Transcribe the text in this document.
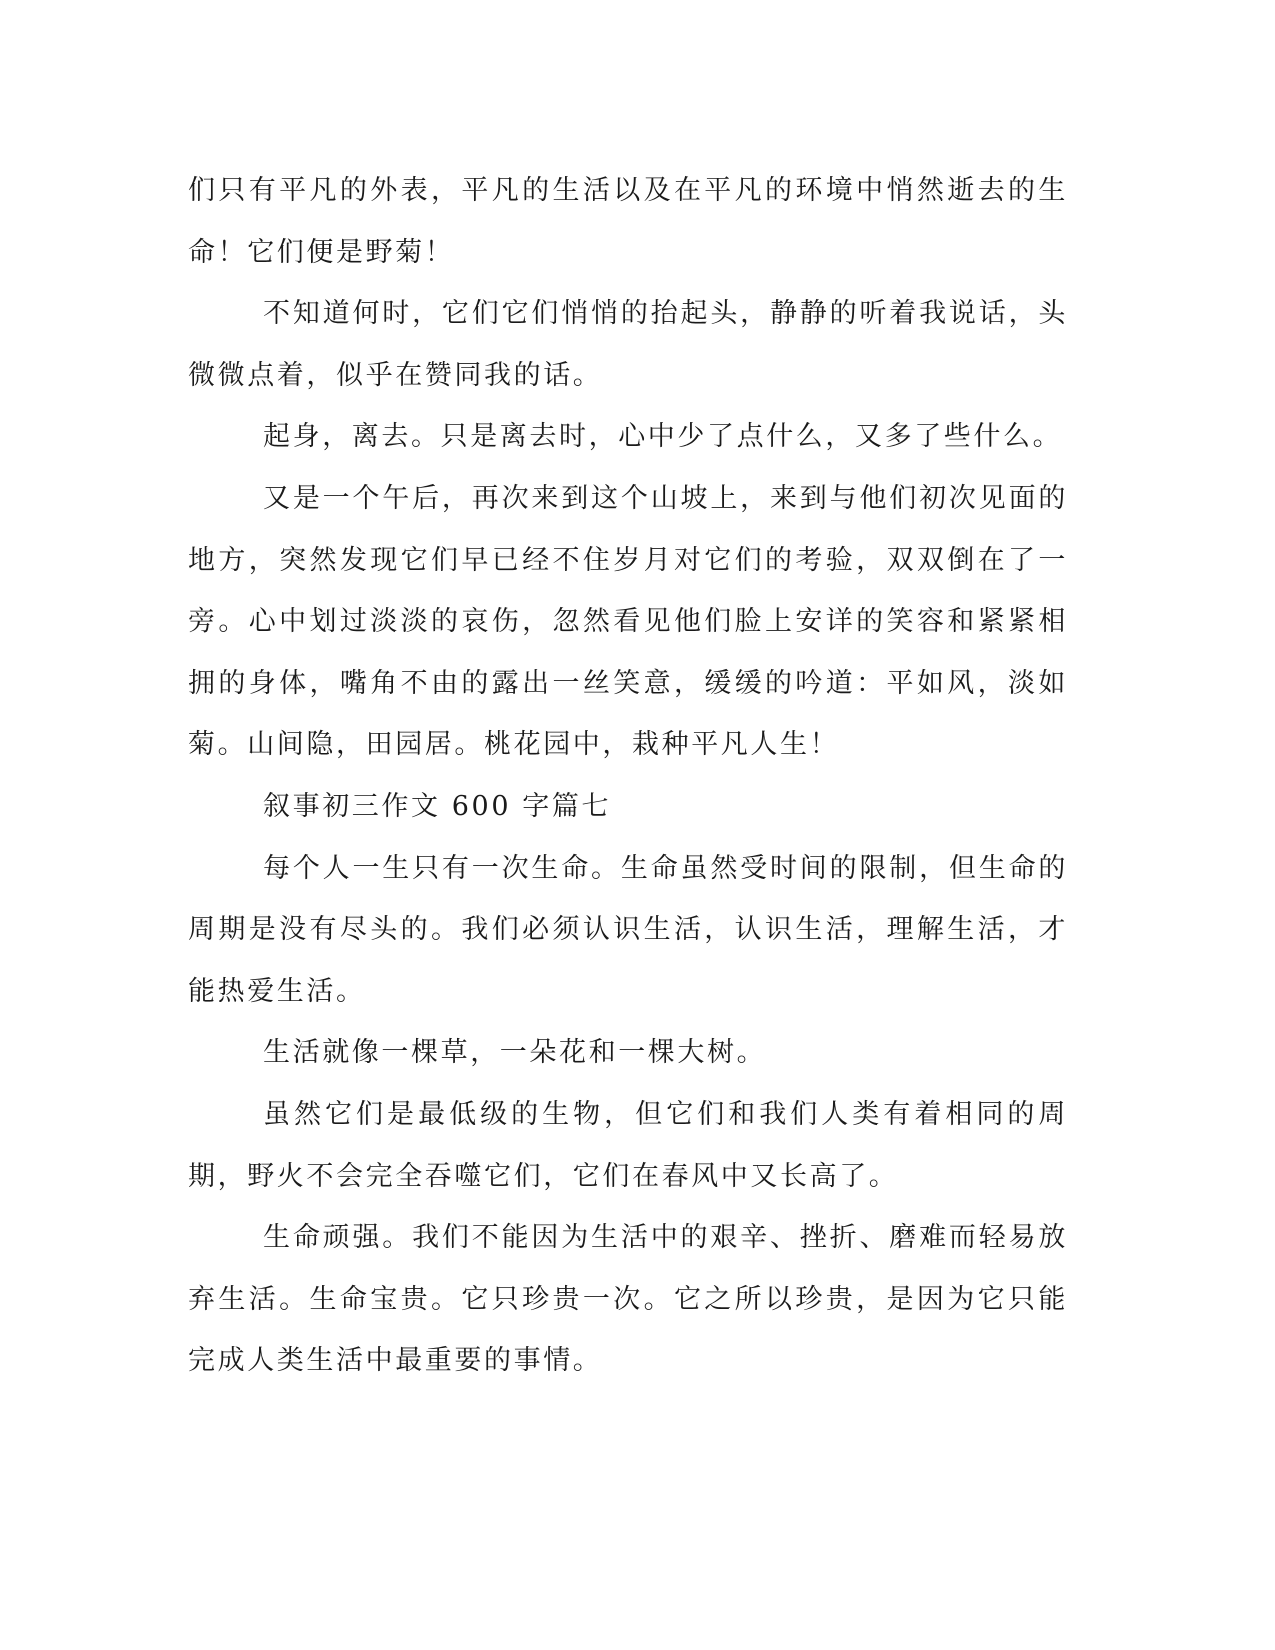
们只有平凡的外表，平凡的生活以及在平凡的环境中悄然逝去的生命！它们便是野菊！

不知道何时，它们它们悄悄的抬起头，静静的听着我说话，头微微点着，似乎在赞同我的话。

起身，离去。只是离去时，心中少了点什么，又多了些什么。

又是一个午后，再次来到这个山坡上，来到与他们初次见面的地方，突然发现它们早已经不住岁月对它们的考验，双双倒在了一旁。心中划过淡淡的哀伤，忽然看见他们脸上安详的笑容和紧紧相拥的身体，嘴角不由的露出一丝笑意，缓缓的吟道：平如风，淡如菊。山间隐，田园居。桃花园中，栽种平凡人生！

叙事初三作文 600 字篇七

每个人一生只有一次生命。生命虽然受时间的限制，但生命的周期是没有尽头的。我们必须认识生活，认识生活，理解生活，才能热爱生活。

生活就像一棵草，一朵花和一棵大树。

虽然它们是最低级的生物，但它们和我们人类有着相同的周期，野火不会完全吞噬它们，它们在春风中又长高了。

生命顽强。我们不能因为生活中的艰辛、挫折、磨难而轻易放弃生活。生命宝贵。它只珍贵一次。它之所以珍贵，是因为它只能完成人类生活中最重要的事情。
